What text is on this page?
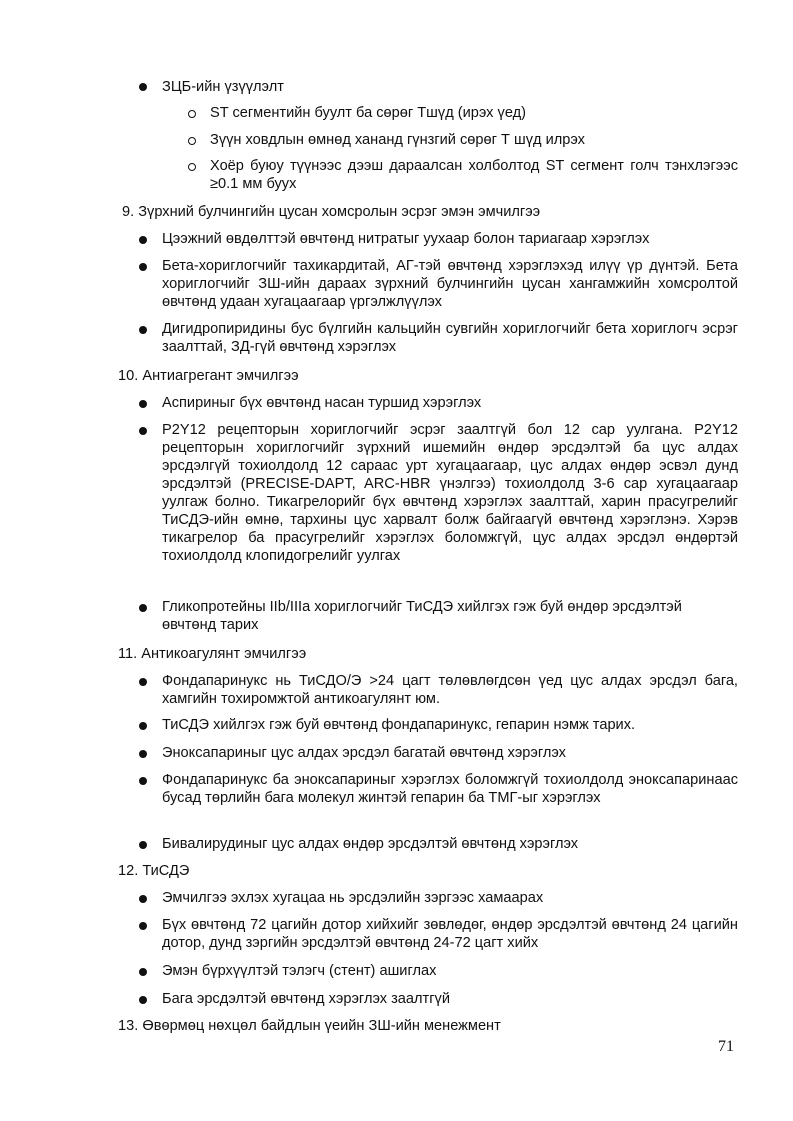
ЗЦБ-ийн үзүүлэлт
ST сегментийн буулт ба сөрөг Тшүд (ирэх үед)
Зүүн ховдлын өмнөд хананд гүнзгий сөрөг Т шүд илрэх
Хоёр буюу түүнээс дээш дараалсан холболтод ST сегмент голч тэнхлэгээс ≥0.1 мм буух
9. Зүрхний булчингийн цусан хомсролын эсрэг эмэн эмчилгээ
Цээжний өвдөлттэй өвчтөнд нитратыг уухаар болон тариагаар хэрэглэх
Бета-хориглогчийг тахикардитай, АГ-тэй өвчтөнд хэрэглэхэд илүү үр дүнтэй. Бета хориглогчийг ЗШ-ийн дараах зүрхний булчингийн цусан хангамжийн хомсролтой өвчтөнд удаан хугацаагаар үргэлжлүүлэх
Дигидропиридины бус бүлгийн кальцийн сувгийн хориглогчийг бета хориглогч эсрэг заалттай, ЗД-гүй өвчтөнд хэрэглэх
10. Антиагрегант эмчилгээ
Аспириныг бүх өвчтөнд насан туршид хэрэглэх
P2Y12 рецепторын хориглогчийг эсрэг заалтгүй бол 12 сар уулгана. P2Y12 рецепторын хориглогчийг зүрхний ишемийн өндөр эрсдэлтэй ба цус алдах эрсдэлгүй тохиолдолд 12 сараас урт хугацаагаар, цус алдах өндөр эсвэл дунд эрсдэлтэй (PRECISE-DAPT, ARC-HBR үнэлгээ) тохиолдолд 3-6 сар хугацаагаар уулгаж болно. Тикагрелорийг бүх өвчтөнд хэрэглэх заалттай, харин прасугрелийг ТиСДЭ-ийн өмнө, тархины цус харвалт болж байгаагүй өвчтөнд хэрэглэнэ. Хэрэв тикагрелор ба прасугрелийг хэрэглэх боломжгүй, цус алдах эрсдэл өндөртэй тохиолдолд клопидогрелийг уулгах
Гликопротейны IIb/IIIa хориглогчийг ТиСДЭ хийлгэх гэж буй өндөр эрсдэлтэй өвчтөнд тарих
11. Антикоагулянт эмчилгээ
Фондапаринукс нь ТиСДО/Э >24 цагт төлөвлөгдсөн үед цус алдах эрсдэл бага, хамгийн тохиромжтой антикоагулянт юм.
ТиСДЭ хийлгэх гэж буй өвчтөнд фондапаринукс, гепарин нэмж тарих.
Эноксапариныг цус алдах эрсдэл багатай өвчтөнд хэрэглэх
Фондапаринукс ба эноксапариныг хэрэглэх боломжгүй тохиолдолд эноксапаринаас бусад төрлийн бага молекул жинтэй гепарин ба ТМГ-ыг хэрэглэх
Бивалирудиныг цус алдах өндөр эрсдэлтэй өвчтөнд хэрэглэх
12. ТиСДЭ
Эмчилгээ эхлэх хугацаа нь эрсдэлийн зэргээс хамаарах
Бүх өвчтөнд 72 цагийн дотор хийхийг зөвлөдөг, өндөр эрсдэлтэй өвчтөнд 24 цагийн дотор, дунд зэргийн эрсдэлтэй өвчтөнд 24-72 цагт хийх
Эмэн бүрхүүлтэй тэлэгч (стент) ашиглах
Бага эрсдэлтэй өвчтөнд хэрэглэх заалтгүй
13. Өвөрмөц нөхцөл байдлын үеийн ЗШ-ийн менежмент
71
